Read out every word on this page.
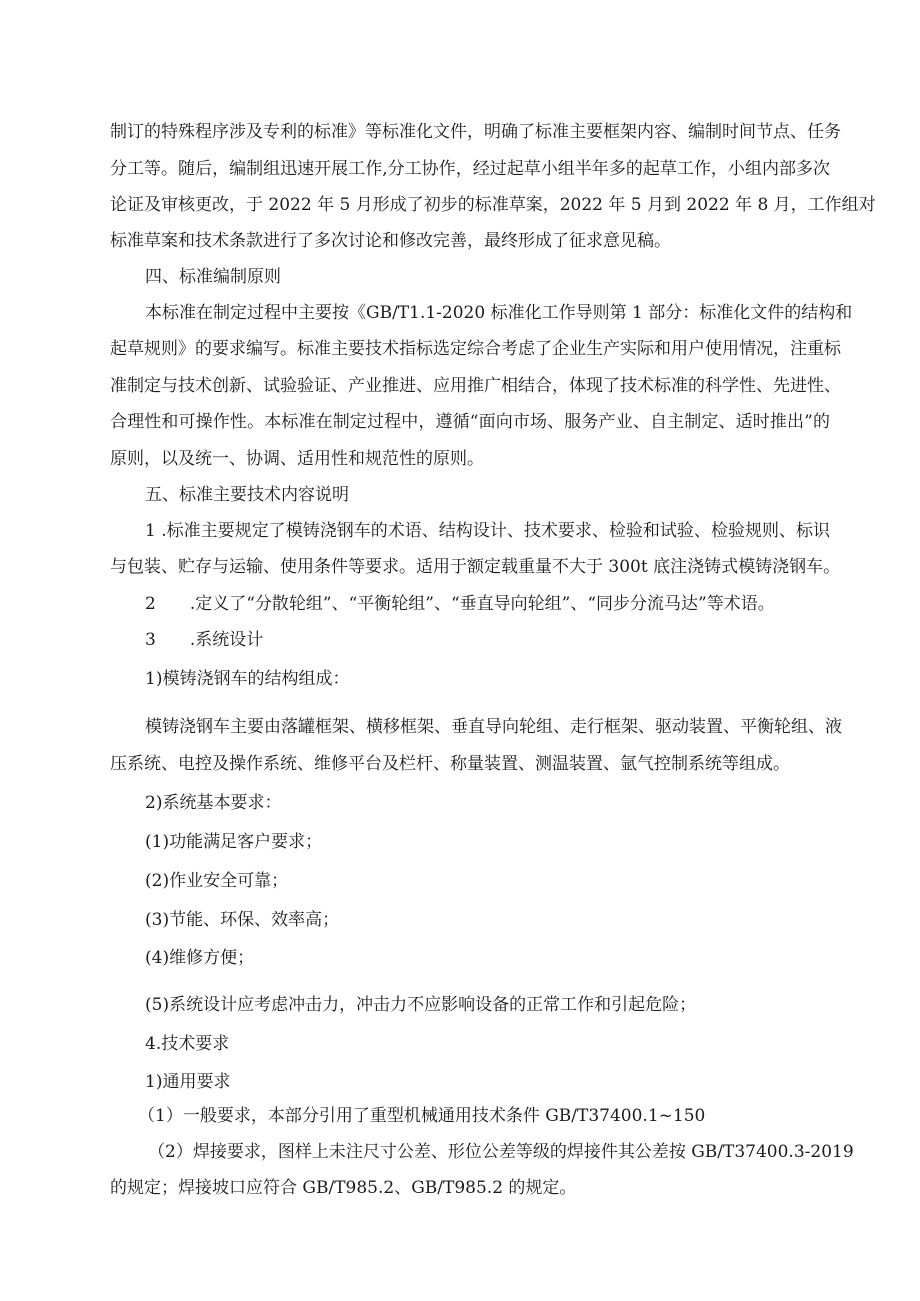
制订的特殊程序涉及专利的标准》等标准化文件，明确了标准主要框架内容、编制时间节点、任务
分工等。随后，编制组迅速开展工作,分工协作，经过起草小组半年多的起草工作，小组内部多次
论证及审核更改，于 2022 年 5 月形成了初步的标准草案，2022 年 5 月到 2022 年 8 月，工作组对
标准草案和技术条款进行了多次讨论和修改完善，最终形成了征求意见稿。
四、标准编制原则
本标准在制定过程中主要按《GB/T1.1-2020 标准化工作导则第 1 部分：标准化文件的结构和
起草规则》的要求编写。标准主要技术指标选定综合考虑了企业生产实际和用户使用情况，注重标
准制定与技术创新、试验验证、产业推进、应用推广相结合，体现了技术标准的科学性、先进性、
合理性和可操作性。本标准在制定过程中，遵循“面向市场、服务产业、自主制定、适时推出”的
原则，以及统一、协调、适用性和规范性的原则。
五、标准主要技术内容说明
1 .标准主要规定了模铸浇钢车的术语、结构设计、技术要求、检验和试验、检验规则、标识
与包装、贮存与运输、使用条件等要求。适用于额定载重量不大于 300t 底注浇铸式模铸浇钢车。
2　　.定义了“分散轮组”、“平衡轮组”、“垂直导向轮组”、“同步分流马达”等术语。
3　　.系统设计
1)模铸浇钢车的结构组成：
模铸浇钢车主要由落罐框架、横移框架、垂直导向轮组、走行框架、驱动装置、平衡轮组、液
压系统、电控及操作系统、维修平台及栏杆、称量装置、测温装置、氩气控制系统等组成。
2)系统基本要求：
(1)功能满足客户要求；
(2)作业安全可靠；
(3)节能、环保、效率高；
(4)维修方便；
(5)系统设计应考虑冲击力，冲击力不应影响设备的正常工作和引起危险；
4.技术要求
1)通用要求
（1）一般要求，本部分引用了重型机械通用技术条件 GB/T37400.1~150
（2）焊接要求，图样上未注尺寸公差、形位公差等级的焊接件其公差按 GB/T37400.3-2019
的规定；焊接坡口应符合 GB/T985.2、GB/T985.2 的规定。
